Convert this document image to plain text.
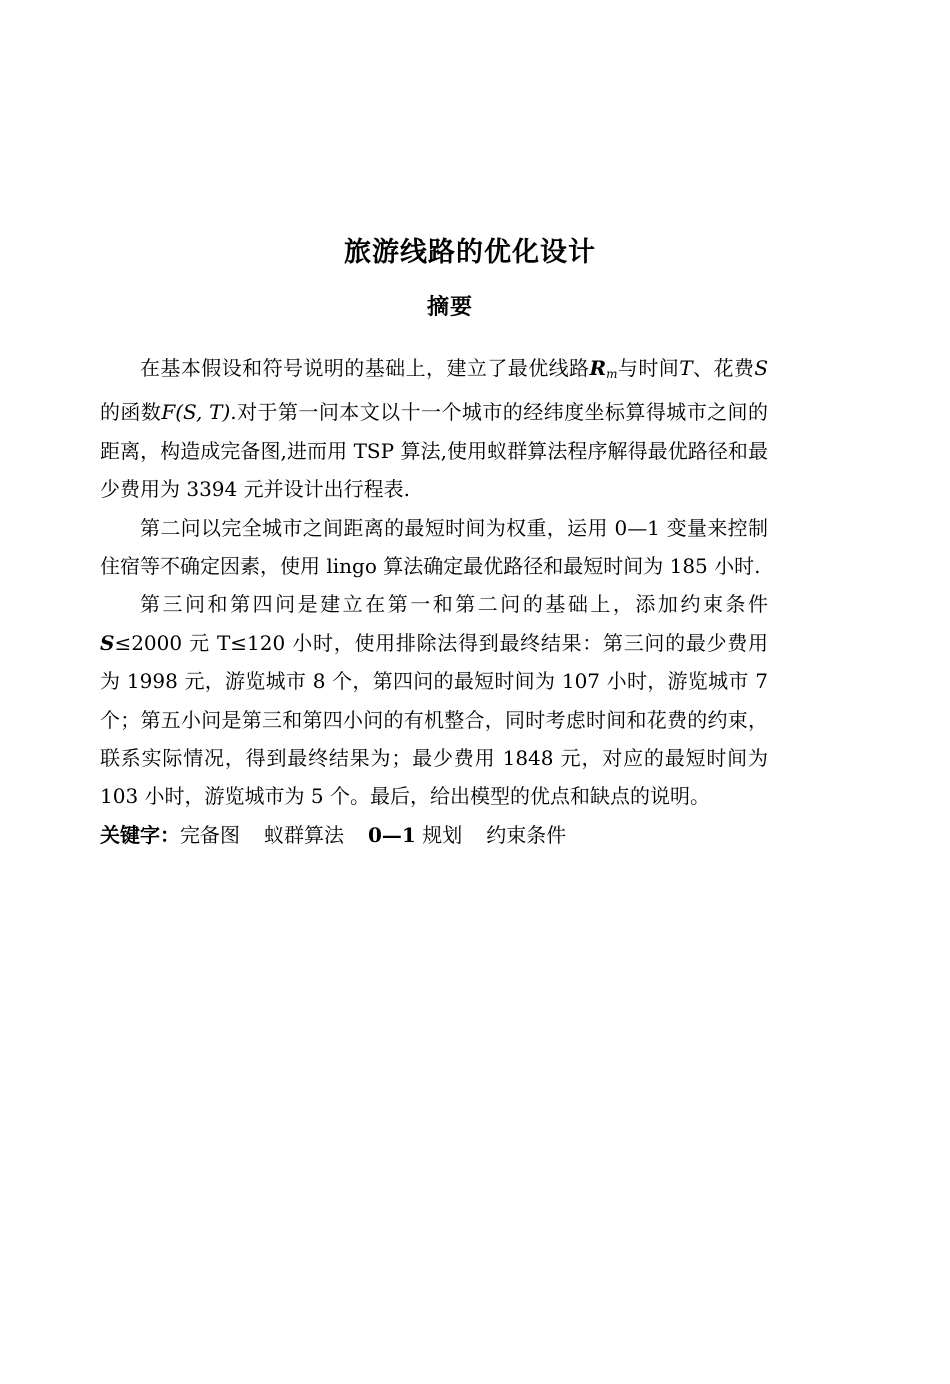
旅游线路的优化设计
摘要

在基本假设和符号说明的基础上，建立了最优线路$R_m$与时间T、花费S的函数F(S, T).对于第一问本文以十一个城市的经纬度坐标算得城市之间的距离，构造成完备图,进而用 TSP 算法,使用蚁群算法程序解得最优路径和最少费用为 3394 元并设计出行程表.

第二问以完全城市之间距离的最短时间为权重，运用 0—1 变量来控制住宿等不确定因素，使用 lingo 算法确定最优路径和最短时间为 185 小时.

第三问和第四问是建立在第一和第二问的基础上，添加约束条件S≤2000 元 T≤120 小时，使用排除法得到最终结果：第三问的最少费用为 1998 元，游览城市 8 个，第四问的最短时间为 107 小时，游览城市 7 个；第五小问是第三和第四小问的有机整合，同时考虑时间和花费的约束，联系实际情况，得到最终结果为；最少费用 1848 元，对应的最短时间为 103 小时，游览城市为 5 个。最后，给出模型的优点和缺点的说明。

关键字：完备图 蚁群算法 0—1 规划 约束条件
